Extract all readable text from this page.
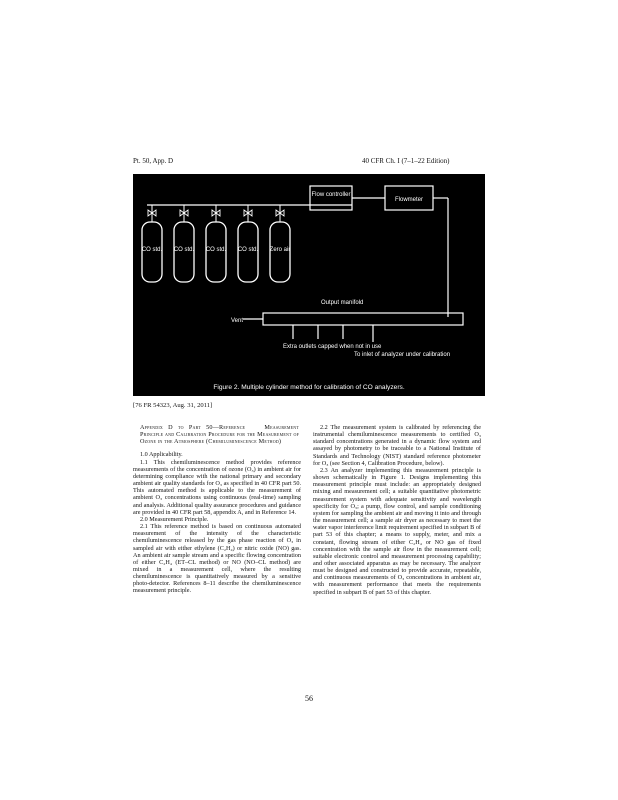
Pt. 50, App. D	40 CFR Ch. I (7–1–22 Edition)
CO std. CO std. CO std. CO std. Zero air
Flow controller
Flowmeter
Output manifold
Vent
Extra outlets capped when not in use
To inlet of analyzer under calibration
Figure 2. Multiple cylinder method for calibration of CO analyzers.
[76 FR 54323, Aug. 31, 2011]

Appendix D to Part 50—Reference	Measurement Principle and Calibration Procedure for the Measurement of Ozone in the Atmosphere (Chemiluminescence Method)

1.0 Applicability.

1.1 This chemiluminescence method provides reference measurements of the concentration of ozone (O₃) in ambient air for determining compliance with the national primary and secondary ambient air quality standards for O₃ as specified in 40 CFR part 50. This automated method is applicable to the measurement of ambient O₃ concentrations using continuous (real-time) sampling and analysis. Additional quality assurance procedures and guidance are provided in 40 CFR part 58, appendix A, and in Reference 14.

2.0 Measurement Principle.

2.1 This reference method is based on continuous automated measurement of the intensity of the characteristic chemiluminescence released by the gas phase reaction of O₃ in sampled air with either ethylene (C₂H₄) or nitric oxide (NO) gas. An ambient air sample stream and a specific flowing concentration of either C₂H₄ (ET–CL method) or NO (NO–CL method) are mixed in a measurement cell, where the resulting chemiluminescence is quantitatively measured by a sensitive photo-detector. References 8–11 describe the chemiluminescence measurement principle.

2.2 The measurement system is calibrated by referencing the instrumental chemiluminescence measurements to certified O₃ standard concentrations generated in a dynamic flow system and assayed by photometry to be traceable to a National Institute of Standards and Technology (NIST) standard reference photometer for O₃ (see Section 4, Calibration Procedure, below).

2.3 An analyzer implementing this measurement principle is shown schematically in Figure 1. Designs implementing this measurement principle must include: an appropriately designed mixing and measurement cell; a suitable quantitative photometric measurement system with adequate sensitivity and wavelength specificity for O₃; a pump, flow control, and sample conditioning system for sampling the ambient air and moving it into and through the measurement cell; a sample air dryer as necessary to meet the water vapor interference limit requirement specified in subpart B of part 53 of this chapter; a means to supply, meter, and mix a constant, flowing stream of either C₂H₄ or NO gas of fixed concentration with the sample air flow in the measurement cell; suitable electronic control and measurement processing capability; and other associated apparatus as may be necessary. The analyzer must be designed and constructed to provide accurate, repeatable, and continuous measurements of O₃ concentrations in ambient air, with measurement performance that meets the requirements specified in subpart B of part 53 of this chapter.

56
